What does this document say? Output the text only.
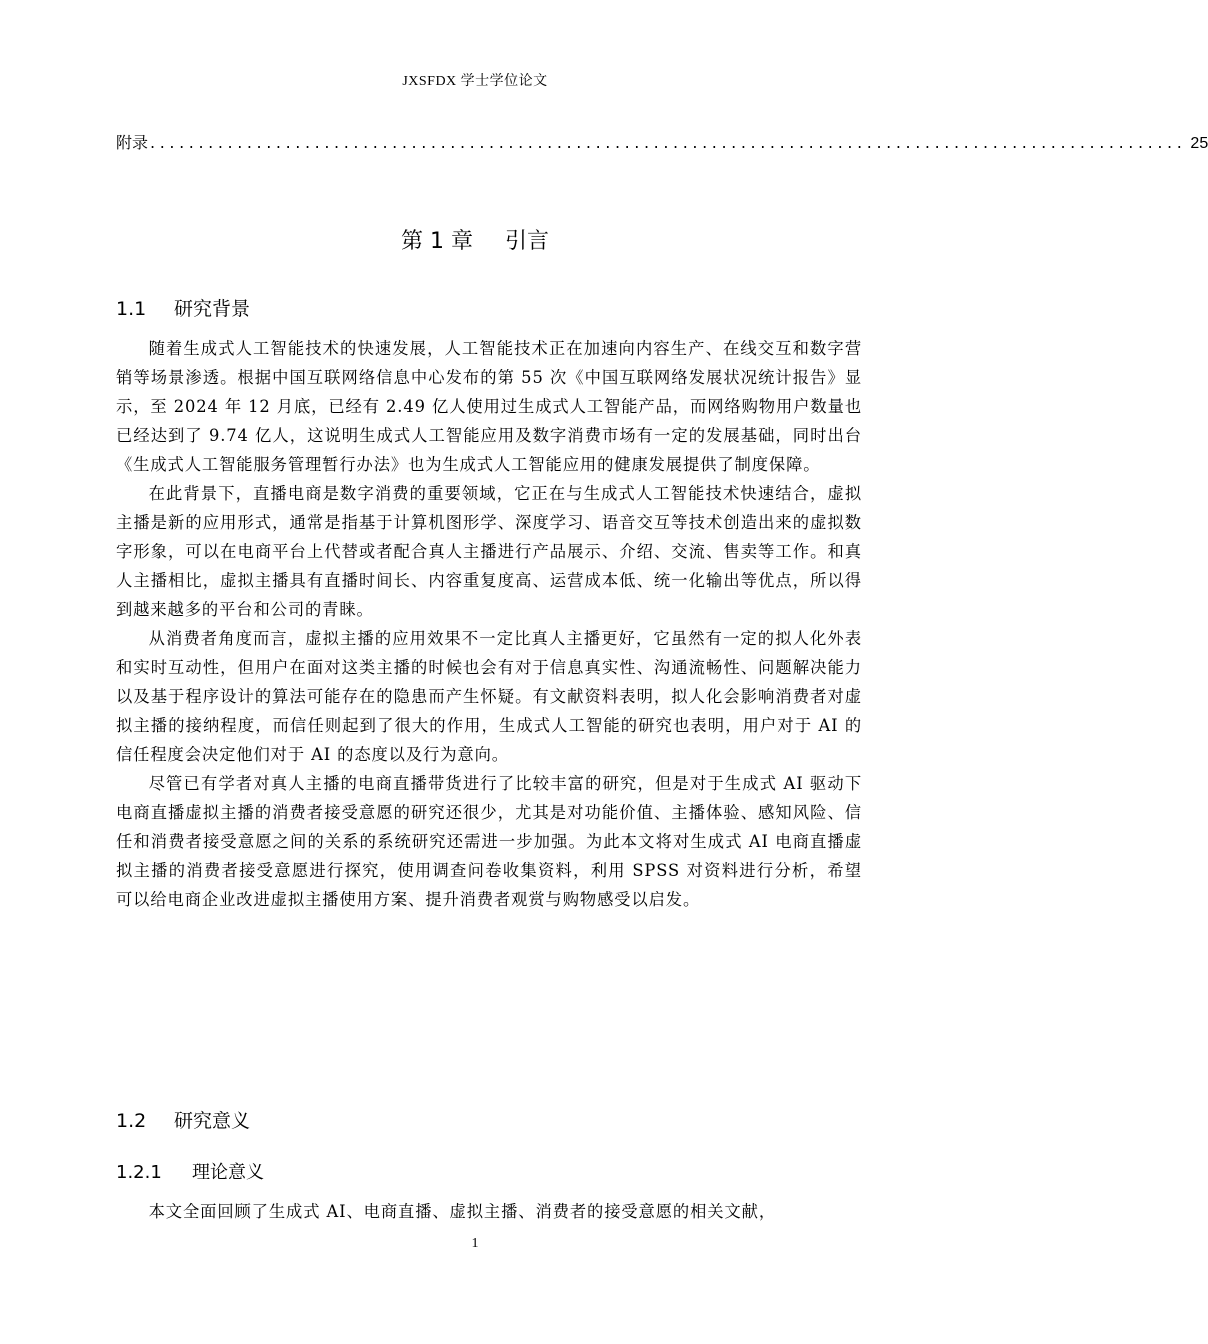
JXSFDX 学士学位论文
附录 ........................................................................................................... 25
第 1 章 引言
1.1 研究背景

随着生成式人工智能技术的快速发展，人工智能技术正在加速向内容生产、在线交互和数字营销等场景渗透。根据中国互联网络信息中心发布的第 55 次《中国互联网络发展状况统计报告》显示，至 2024 年 12 月底，已经有 2.49 亿人使用过生成式人工智能产品，而网络购物用户数量也已经达到了 9.74 亿人，这说明生成式人工智能应用及数字消费市场有一定的发展基础，同时出台《生成式人工智能服务管理暂行办法》也为生成式人工智能应用的健康发展提供了制度保障。

在此背景下，直播电商是数字消费的重要领域，它正在与生成式人工智能技术快速结合，虚拟主播是新的应用形式，通常是指基于计算机图形学、深度学习、语音交互等技术创造出来的虚拟数字形象，可以在电商平台上代替或者配合真人主播进行产品展示、介绍、交流、售卖等工作。和真人主播相比，虚拟主播具有直播时间长、内容重复度高、运营成本低、统一化输出等优点，所以得到越来越多的平台和公司的青睐。

从消费者角度而言，虚拟主播的应用效果不一定比真人主播更好，它虽然有一定的拟人化外表和实时互动性，但用户在面对这类主播的时候也会有对于信息真实性、沟通流畅性、问题解决能力以及基于程序设计的算法可能存在的隐患而产生怀疑。有文献资料表明，拟人化会影响消费者对虚拟主播的接纳程度，而信任则起到了很大的作用，生成式人工智能的研究也表明，用户对于 AI 的信任程度会决定他们对于 AI 的态度以及行为意向。

尽管已有学者对真人主播的电商直播带货进行了比较丰富的研究，但是对于生成式 AI 驱动下电商直播虚拟主播的消费者接受意愿的研究还很少，尤其是对功能价值、主播体验、感知风险、信任和消费者接受意愿之间的关系的系统研究还需进一步加强。为此本文将对生成式 AI 电商直播虚拟主播的消费者接受意愿进行探究，使用调查问卷收集资料，利用 SPSS 对资料进行分析，希望可以给电商企业改进虚拟主播使用方案、提升消费者观赏与购物感受以启发。

1.2 研究意义
1.2.1 理论意义

本文全面回顾了生成式 AI、电商直播、虚拟主播、消费者的接受意愿的相关文献，

1
